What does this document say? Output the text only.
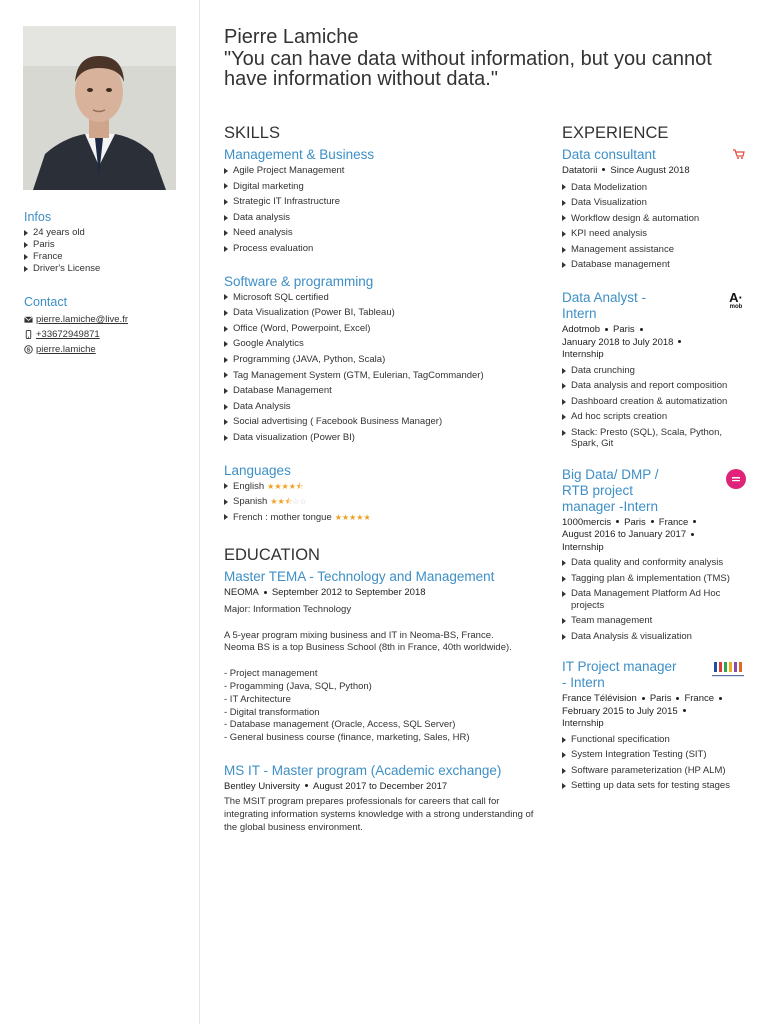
Infos
24 years old
Paris
France
Driver's License
Contact
pierre.lamiche@live.fr
+33672949871
S pierre.lamiche
Pierre Lamiche
"You can have data without information, but you cannot have information without data."
SKILLS
Management & Business
Agile Project Management
Digital marketing
Strategic IT Infrastructure
Data analysis
Need analysis
Process evaluation
Software & programming
Microsoft SQL certified
Data Visualization (Power BI, Tableau)
Office (Word, Powerpoint, Excel)
Google Analytics
Programming (JAVA, Python, Scala)
Tag Management System (GTM, Eulerian, TagCommander)
Database Management
Data Analysis
Social advertising ( Facebook Business Manager)
Data visualization (Power BI)
Languages
English ★★★★⯪
Spanish ★★⯪☆☆
French : mother tongue ★★★★★
EDUCATION
Master TEMA - Technology and Management
NEOMA September 2012 to September 2018
Major: Information Technology
A 5-year program mixing business and IT in Neoma-BS, France.
Neoma BS is a top Business School (8th in France, 40th worldwide).
- Project management
- Progamming (Java, SQL, Python)
- IT Architecture
- Digital transformation
- Database management (Oracle, Access, SQL Server)
- General business course (finance, marketing, Sales, HR)
MS IT - Master program (Academic exchange)
Bentley University August 2017 to December 2017
The MSIT program prepares professionals for careers that call for integrating information systems knowledge with a strong understanding of the global business environment.
EXPERIENCE
Data consultant
Datatorii Since August 2018
Data Modelization
Data Visualization
Workflow design & automation
KPI need analysis
Management assistance
Database management
A·
mob
Data Analyst - Intern
Adotmob Paris
January 2018 to July 2018
Internship
Data crunching
Data analysis and report composition
Dashboard creation & automatization
Ad hoc scripts creation
Stack: Presto (SQL), Scala, Python, Spark, Git
Big Data/ DMP / RTB project manager -Intern
1000mercis Paris France
August 2016 to January 2017
Internship
Data quality and conformity analysis
Tagging plan & implementation (TMS)
Data Management Platform Ad Hoc projects
Team management
Data Analysis & visualization
IT Project manager - Intern
France Télévision Paris France
February 2015 to July 2015
Internship
Functional specification
System Integration Testing (SIT)
Software parameterization (HP ALM)
Setting up data sets for testing stages
